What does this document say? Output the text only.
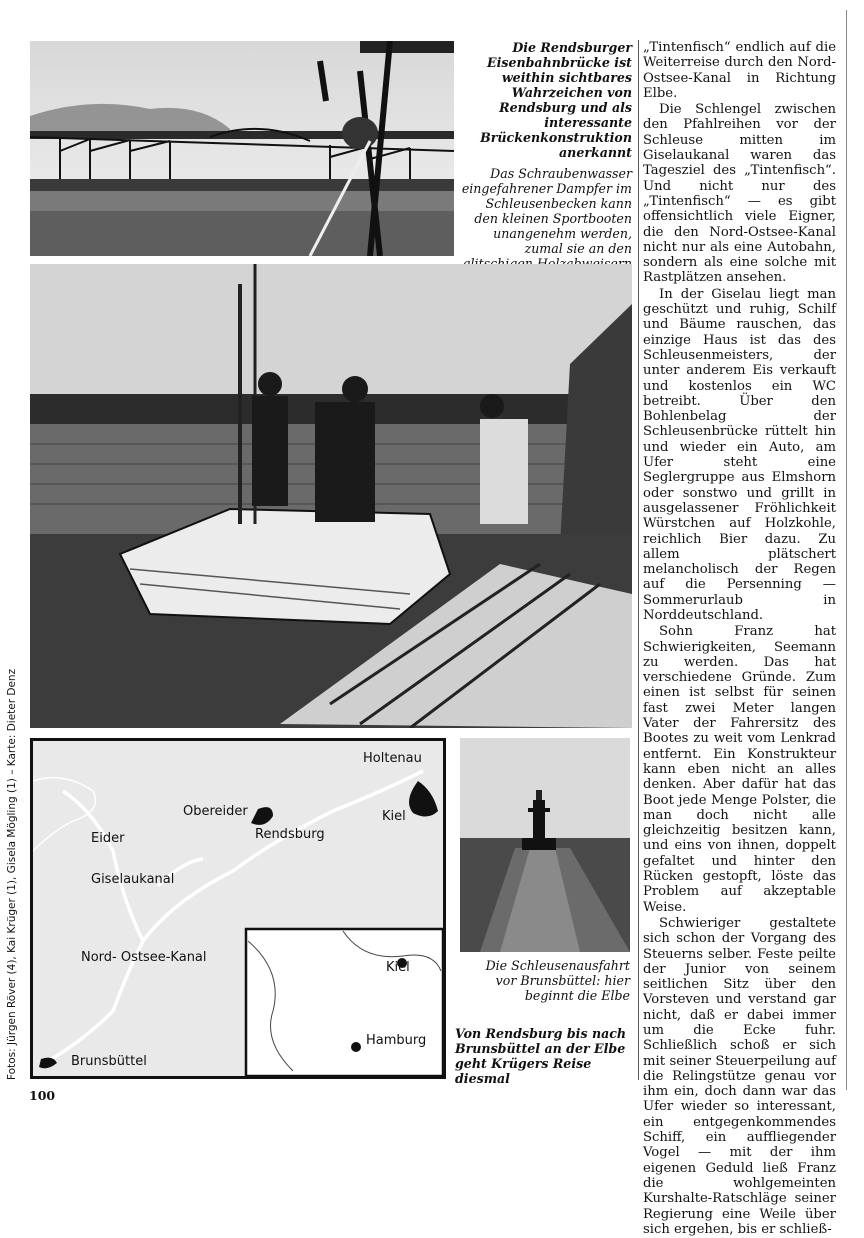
Die Rendsburger Eisenbahnbrücke ist weithin sichtbares Wahrzeichen von Rendsburg und als interessante Brückenkonstruktion anerkannt

Das Schraubenwasser eingefahrener Dampfer im Schleusenbecken kann den kleinen Sportbooten unangenehm werden, zumal sie an den

Holtenau
Obereider	Kiel
Rendsburg
Eider
Giselaukanal
Nord- Ostsee-Kanal
Brunsbüttel
Kiel
Hamburg
Die Schleusenausfahrt vor Brunsbüttel: hier beginnt die Elbe
Von Rendsburg bis nach Brunsbüttel an der Elbe geht Krügers Reise diesmal
Fotos: Jürgen Röver (4), Kai Krüger (1), Gisela Mögling (1) – Karte: Dieter Denz

„Tintenfisch“ endlich auf die Weiterreise durch den Nord-Ostsee-Kanal in Richtung Elbe.

Die Schlengel zwischen den Pfahlreihen vor der Schleuse mitten im Giselaukanal waren das Tagesziel des „Tintenfisch“. Und nicht nur des „Tintenfisch“ — es gibt offensichtlich viele Eigner, die den Nord-Ostsee-Kanal nicht nur als eine Autobahn, sondern als eine solche mit Rastplätzen ansehen.

In der Giselau liegt man geschützt und ruhig, Schilf und Bäume rauschen, das einzige Haus ist das des Schleusenmeisters, der unter anderem Eis verkauft und kostenlos ein WC betreibt. Über den Bohlenbelag der Schleusenbrücke rüttelt hin und wieder ein Auto, am Ufer steht eine Seglergruppe aus Elmshorn oder sonstwo und grillt in ausgelassener Fröhlichkeit Würstchen auf Holzkohle, reichlich Bier dazu. Zu allem plätschert melancholisch der Regen auf die Persenning — Sommerurlaub in Norddeutschland.

Sohn Franz hat Schwierigkeiten, Seemann zu werden. Das hat verschiedene Gründe. Zum einen ist selbst für seinen fast zwei Meter langen Vater der Fahrersitz des Bootes zu weit vom Lenkrad entfernt. Ein Konstrukteur kann eben nicht an alles denken. Aber dafür hat das Boot jede Menge Polster, die man doch nicht alle gleichzeitig besitzen kann, und eins von ihnen, doppelt gefaltet und hinter den Rücken gestopft, löste das Problem auf akzeptable Weise.

Schwieriger gestaltete sich schon der Vorgang des Steuerns selber. Feste peilte der Junior von seinem seitlichen Sitz über den Vorsteven und verstand gar nicht, daß er dabei immer um die Ecke fuhr. Schließlich schoß er sich mit seiner Steuerpeilung auf die Relingstütze genau vor ihm ein, doch dann war das Ufer wieder so interessant, ein entgegenkommendes Schiff, ein auffliegender Vogel — mit der ihm eigenen Geduld ließ Franz die wohlgemeinten Kurshalte-Ratschläge seiner Regierung eine Weile über sich ergehen, bis er schließ-

100
